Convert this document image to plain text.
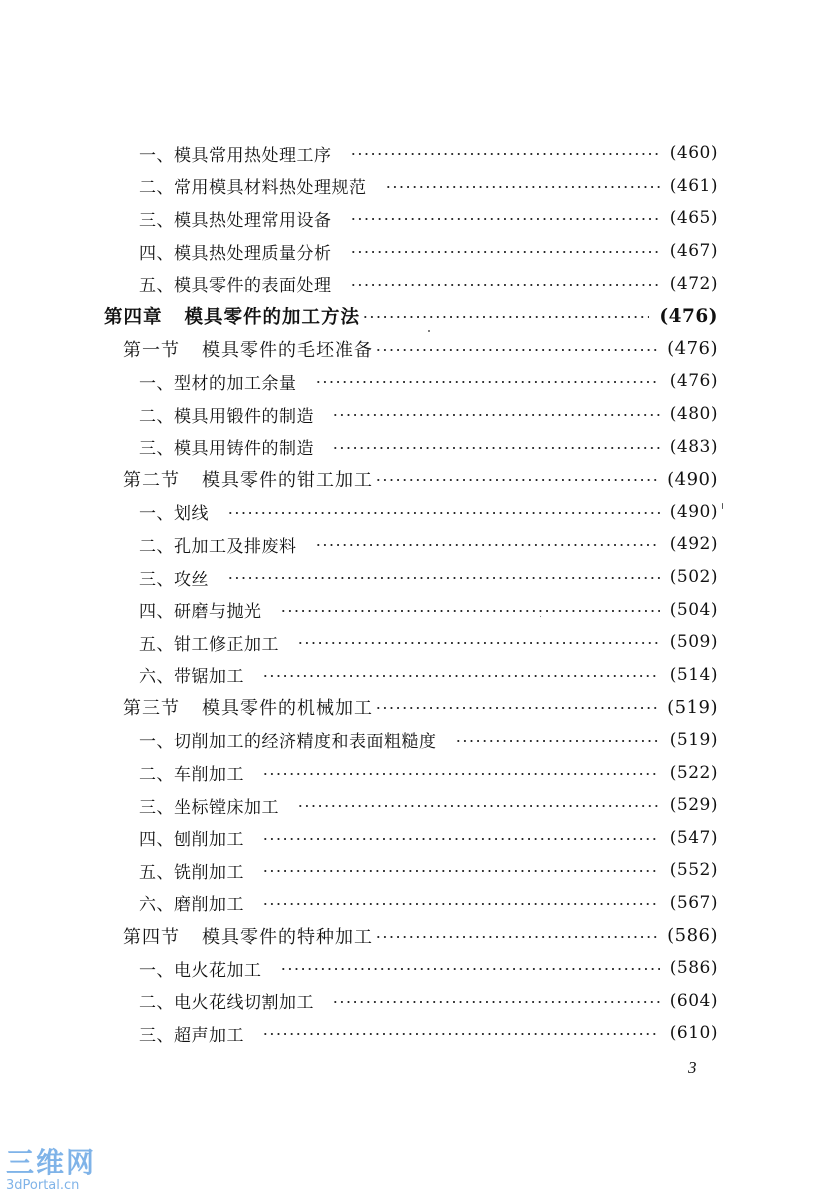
一、模具常用热处理工序	(460)
二、常用模具材料热处理规范	(461)
三、模具热处理常用设备	(465)
四、模具热处理质量分析	(467)
五、模具零件的表面处理	(472)
第四章 模具零件的加工方法	(476)
第一节 模具零件的毛坯准备	(476)
一、型材的加工余量	(476)
二、模具用锻件的制造	(480)
三、模具用铸件的制造	(483)
第二节 模具零件的钳工加工	(490)
一、划线	(490)
二、孔加工及排废料	(492)
三、攻丝	(502)
四、研磨与抛光	(504)
五、钳工修正加工	(509)
六、带锯加工	(514)
第三节 模具零件的机械加工	(519)
一、切削加工的经济精度和表面粗糙度	(519)
二、车削加工	(522)
三、坐标镗床加工	(529)
四、刨削加工	(547)
五、铣削加工	(552)
六、磨削加工	(567)
第四节 模具零件的特种加工	(586)
一、电火花加工	(586)
二、电火花线切割加工	(604)
三、超声加工	(610)
3
三维网
3dPortal.cn
